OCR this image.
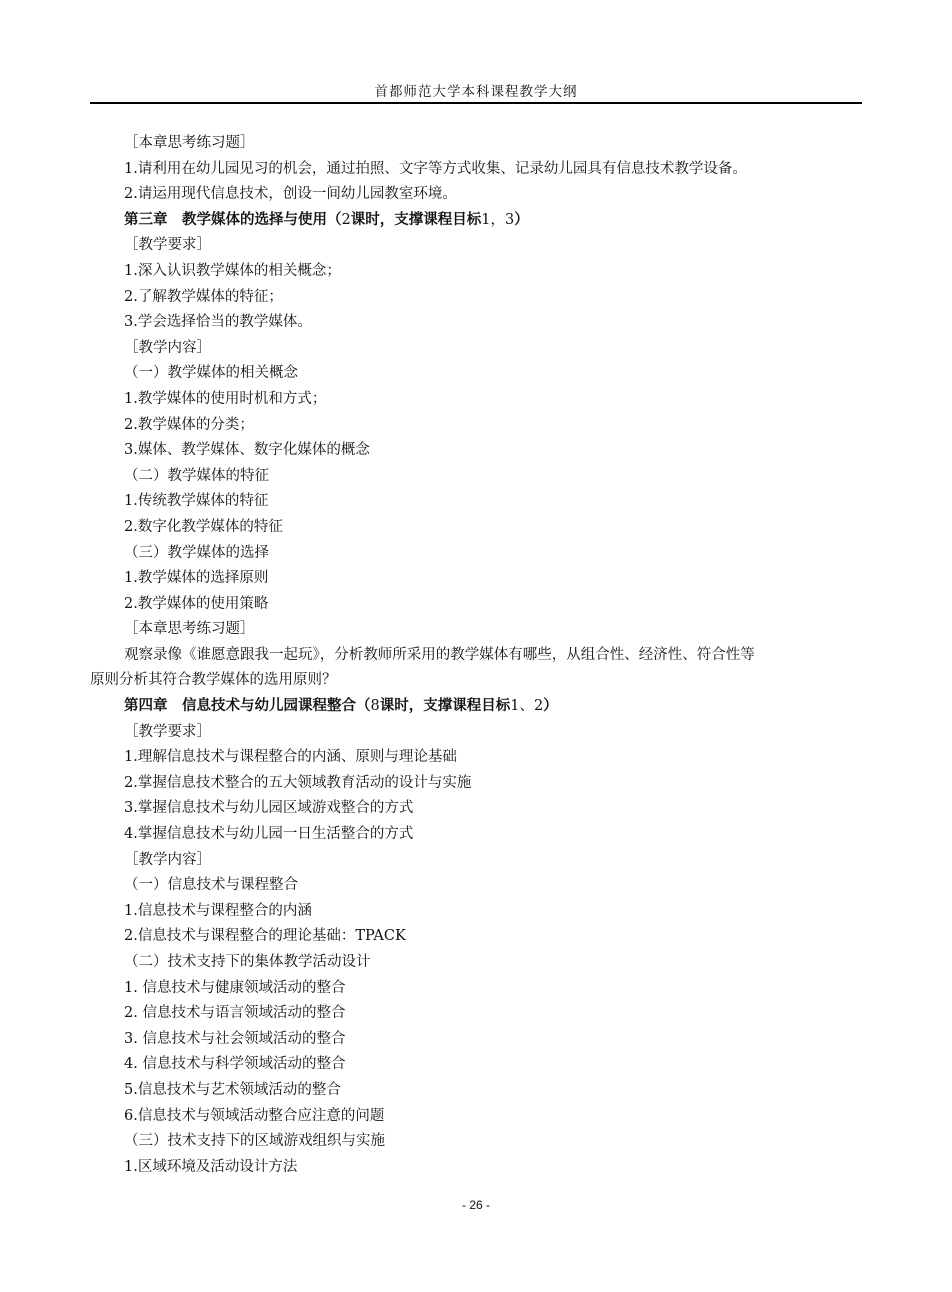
首都师范大学本科课程教学大纲
［本章思考练习题］
1.请利用在幼儿园见习的机会，通过拍照、文字等方式收集、记录幼儿园具有信息技术教学设备。
2.请运用现代信息技术，创设一间幼儿园教室环境。
第三章　教学媒体的选择与使用（2课时，支撑课程目标1，3）
［教学要求］
1.深入认识教学媒体的相关概念；
2.了解教学媒体的特征；
3.学会选择恰当的教学媒体。
［教学内容］
（一）教学媒体的相关概念
1.教学媒体的使用时机和方式；
2.教学媒体的分类；
3.媒体、教学媒体、数字化媒体的概念
（二）教学媒体的特征
1.传统教学媒体的特征
2.数字化教学媒体的特征
（三）教学媒体的选择
1.教学媒体的选择原则
2.教学媒体的使用策略
［本章思考练习题］
观察录像《谁愿意跟我一起玩》，分析教师所采用的教学媒体有哪些，从组合性、经济性、符合性等
原则分析其符合教学媒体的选用原则？
第四章　信息技术与幼儿园课程整合（8课时，支撑课程目标1、2）
［教学要求］
1.理解信息技术与课程整合的内涵、原则与理论基础
2.掌握信息技术整合的五大领域教育活动的设计与实施
3.掌握信息技术与幼儿园区域游戏整合的方式
4.掌握信息技术与幼儿园一日生活整合的方式
［教学内容］
（一）信息技术与课程整合
1.信息技术与课程整合的内涵
2.信息技术与课程整合的理论基础：TPACK
（二）技术支持下的集体教学活动设计
1. 信息技术与健康领域活动的整合
2. 信息技术与语言领域活动的整合
3. 信息技术与社会领域活动的整合
4. 信息技术与科学领域活动的整合
5.信息技术与艺术领域活动的整合
6.信息技术与领域活动整合应注意的问题
（三）技术支持下的区域游戏组织与实施
1.区域环境及活动设计方法
- 26 -
